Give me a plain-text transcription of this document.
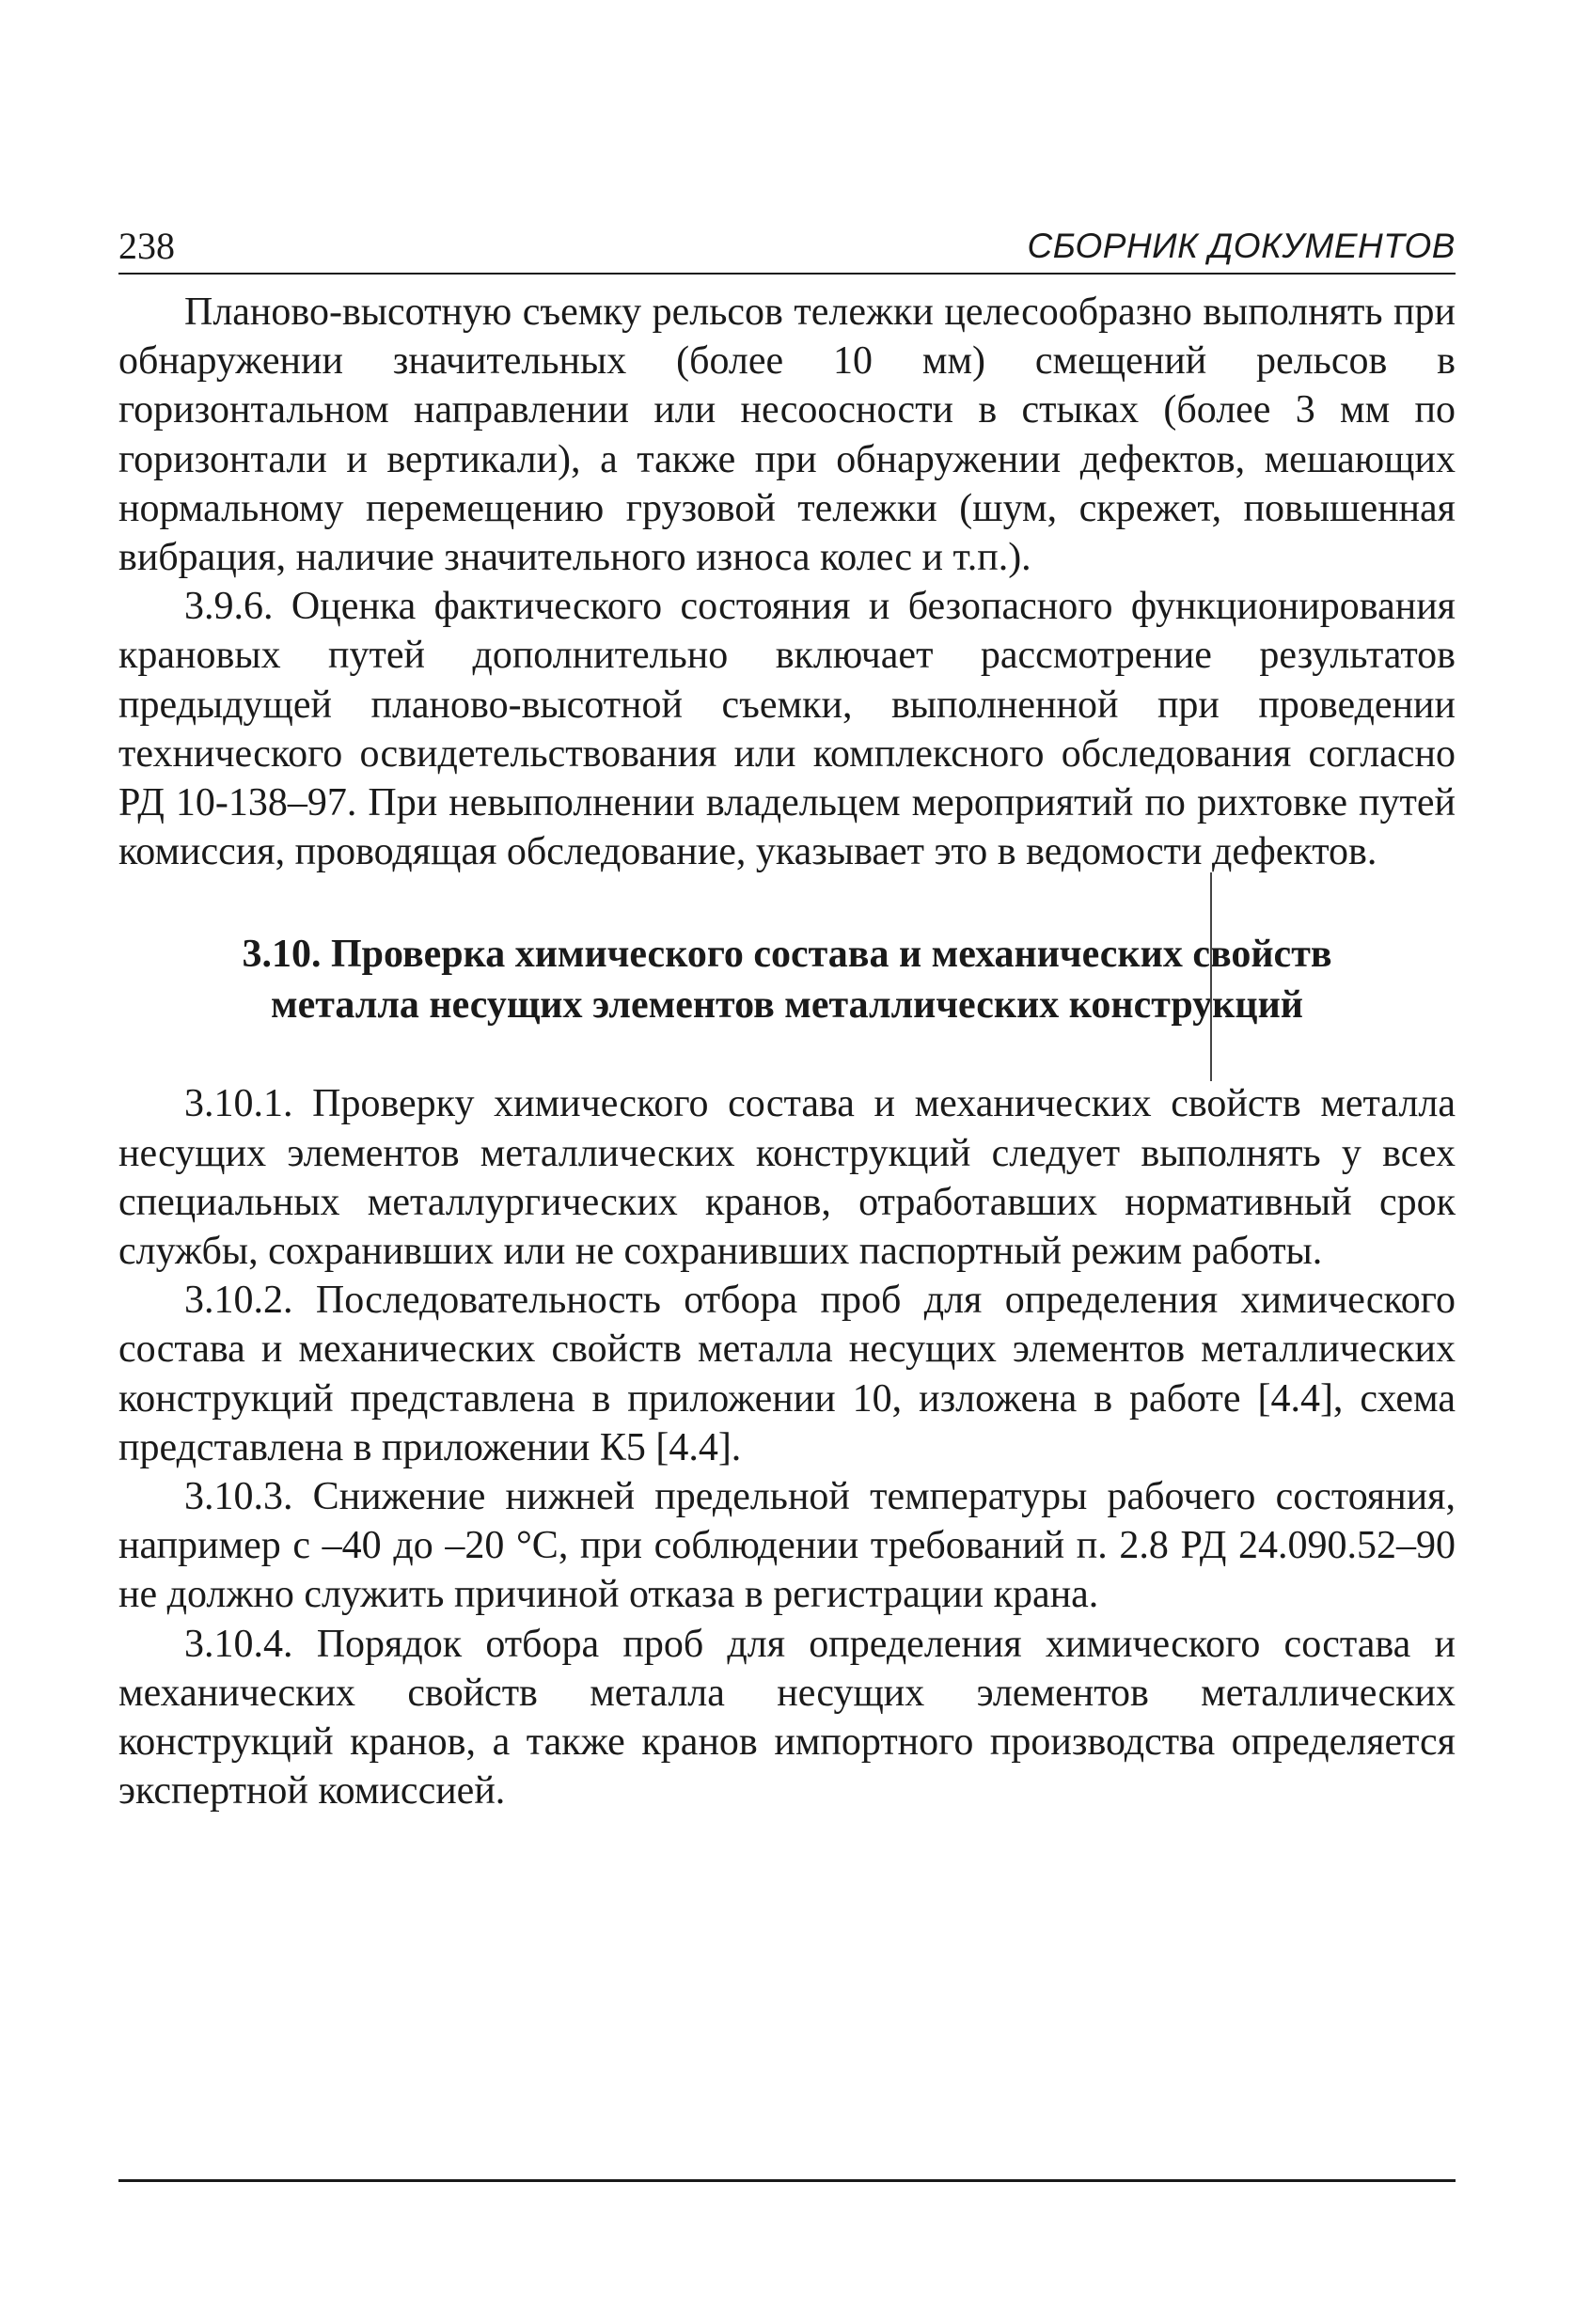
238	СБОРНИК ДОКУМЕНТОВ

Планово-высотную съемку рельсов тележки целесообразно выполнять при обнаружении значительных (более 10 мм) смещений рельсов в горизонтальном направлении или несоосности в стыках (более 3 мм по горизонтали и вертикали), а также при обнаружении дефектов, мешающих нормальному перемещению грузовой тележки (шум, скрежет, повышенная вибрация, наличие значительного износа колес и т.п.).

3.9.6. Оценка фактического состояния и безопасного функционирования крановых путей дополнительно включает рассмотрение результатов предыдущей планово-высотной съемки, выполненной при проведении технического освидетельствования или комплексного обследования согласно РД 10-138–97. При невыполнении владельцем мероприятий по рихтовке путей комиссия, проводящая обследование, указывает это в ведомости дефектов.

3.10. Проверка химического состава и механических свойств
металла несущих элементов металлических конструкций

3.10.1. Проверку химического состава и механических свойств металла несущих элементов металлических конструкций следует выполнять у всех специальных металлургических кранов, отработавших нормативный срок службы, сохранивших или не сохранивших паспортный режим работы.

3.10.2. Последовательность отбора проб для определения химического состава и механических свойств металла несущих элементов металлических конструкций представлена в приложении 10, изложена в работе [4.4], схема представлена в приложении К5 [4.4].

3.10.3. Снижение нижней предельной температуры рабочего состояния, например с –40 до –20 °С, при соблюдении требований п. 2.8 РД 24.090.52–90 не должно служить причиной отказа в регистрации крана.

3.10.4. Порядок отбора проб для определения химического состава и механических свойств металла несущих элементов металлических конструкций кранов, а также кранов импортного производства определяется экспертной комиссией.
